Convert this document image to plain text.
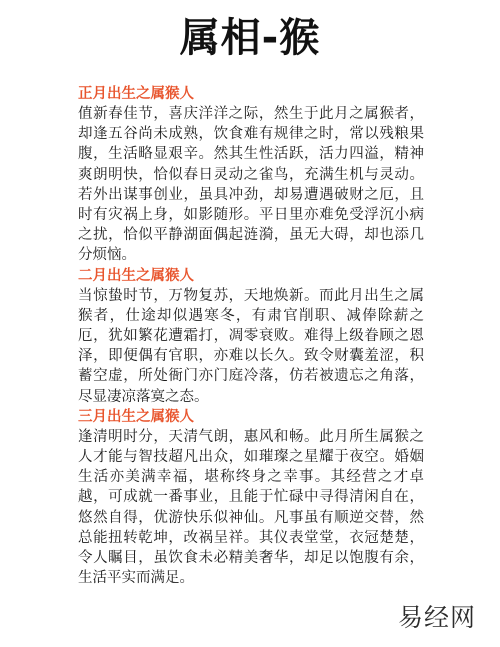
属相-猴

正月出生之属猴人

值新春佳节，喜庆洋洋之际，然生于此月之属猴者，却逢五谷尚未成熟，饮食难有规律之时，常以残粮果腹，生活略显艰辛。然其生性活跃，活力四溢，精神爽朗明快，恰似春日灵动之雀鸟，充满生机与灵动。若外出谋事创业，虽具冲劲，却易遭遇破财之厄，且时有灾祸上身，如影随形。平日里亦难免受浮沉小病之扰，恰似平静湖面偶起涟漪，虽无大碍，却也添几分烦恼。

二月出生之属猴人

当惊蛰时节，万物复苏，天地焕新。而此月出生之属猴者，仕途却似遇寒冬，有肃官削职、减俸除薪之厄，犹如繁花遭霜打，凋零衰败。难得上级眷顾之恩泽，即便偶有官职，亦难以长久。致令财囊羞涩，积蓄空虚，所处衙门亦门庭冷落，仿若被遗忘之角落，尽显凄凉落寞之态。

三月出生之属猴人

逢清明时分，天清气朗，惠风和畅。此月所生属猴之人才能与智技超凡出众，如璀璨之星耀于夜空。婚姻生活亦美满幸福，堪称终身之幸事。其经营之才卓越，可成就一番事业，且能于忙碌中寻得清闲自在，悠然自得，优游快乐似神仙。凡事虽有顺逆交替，然总能扭转乾坤，改祸呈祥。其仪表堂堂，衣冠楚楚，令人瞩目，虽饮食未必精美奢华，却足以饱腹有余，生活平实而满足。

易经网
